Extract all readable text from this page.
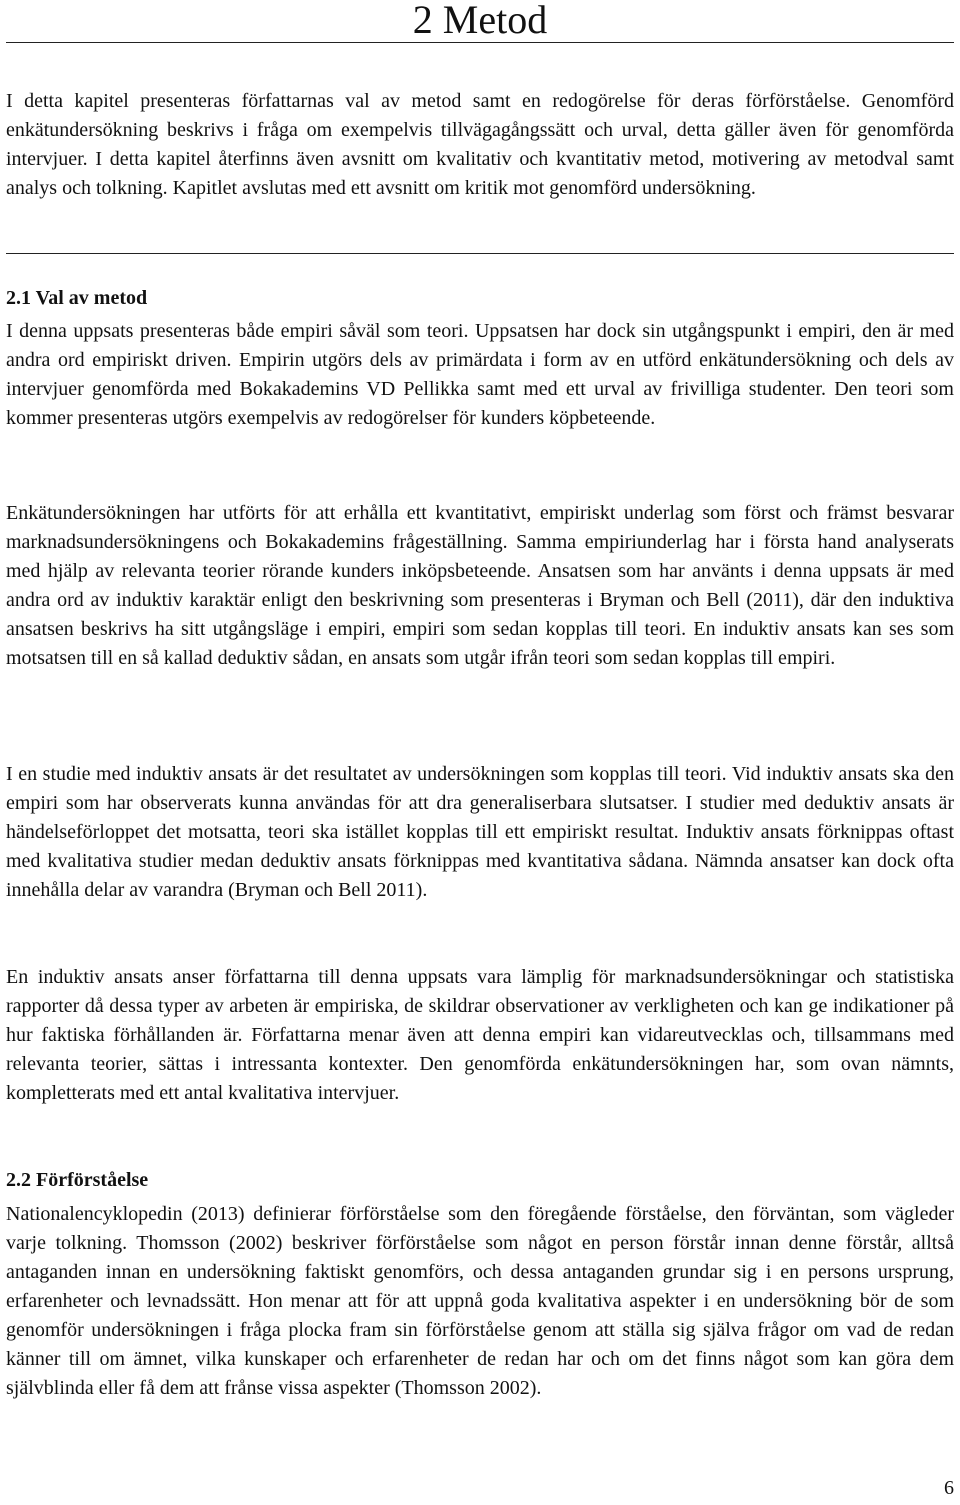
2 Metod

I detta kapitel presenteras författarnas val av metod samt en redogörelse för deras förförståelse. Genomförd enkätundersökning beskrivs i fråga om exempelvis tillvägagångssätt och urval, detta gäller även för genomförda intervjuer. I detta kapitel återfinns även avsnitt om kvalitativ och kvantitativ metod, motivering av metodval samt analys och tolkning. Kapitlet avslutas med ett avsnitt om kritik mot genomförd undersökning.

2.1 Val av metod

I denna uppsats presenteras både empiri såväl som teori. Uppsatsen har dock sin utgångspunkt i empiri, den är med andra ord empiriskt driven. Empirin utgörs dels av primärdata i form av en utförd enkätundersökning och dels av intervjuer genomförda med Bokakademins VD Pellikka samt med ett urval av frivilliga studenter. Den teori som kommer presenteras utgörs exempelvis av redogörelser för kunders köpbeteende.

Enkätundersökningen har utförts för att erhålla ett kvantitativt, empiriskt underlag som först och främst besvarar marknadsundersökningens och Bokakademins frågeställning. Samma empiriunderlag har i första hand analyserats med hjälp av relevanta teorier rörande kunders inköpsbeteende. Ansatsen som har använts i denna uppsats är med andra ord av induktiv karaktär enligt den beskrivning som presenteras i Bryman och Bell (2011), där den induktiva ansatsen beskrivs ha sitt utgångsläge i empiri, empiri som sedan kopplas till teori. En induktiv ansats kan ses som motsatsen till en så kallad deduktiv sådan, en ansats som utgår ifrån teori som sedan kopplas till empiri.

I en studie med induktiv ansats är det resultatet av undersökningen som kopplas till teori. Vid induktiv ansats ska den empiri som har observerats kunna användas för att dra generaliserbara slutsatser. I studier med deduktiv ansats är händelseförloppet det motsatta, teori ska istället kopplas till ett empiriskt resultat. Induktiv ansats förknippas oftast med kvalitativa studier medan deduktiv ansats förknippas med kvantitativa sådana. Nämnda ansatser kan dock ofta innehålla delar av varandra (Bryman och Bell 2011).

En induktiv ansats anser författarna till denna uppsats vara lämplig för marknadsundersökningar och statistiska rapporter då dessa typer av arbeten är empiriska, de skildrar observationer av verkligheten och kan ge indikationer på hur faktiska förhållanden är. Författarna menar även att denna empiri kan vidareutvecklas och, tillsammans med relevanta teorier, sättas i intressanta kontexter. Den genomförda enkätundersökningen har, som ovan nämnts, kompletterats med ett antal kvalitativa intervjuer.

2.2 Förförståelse

Nationalencyklopedin (2013) definierar förförståelse som den föregående förståelse, den förväntan, som vägleder varje tolkning. Thomsson (2002) beskriver förförståelse som något en person förstår innan denne förstår, alltså antaganden innan en undersökning faktiskt genomförs, och dessa antaganden grundar sig i en persons ursprung, erfarenheter och levnadssätt. Hon menar att för att uppnå goda kvalitativa aspekter i en undersökning bör de som genomför undersökningen i fråga plocka fram sin förförståelse genom att ställa sig själva frågor om vad de redan känner till om ämnet, vilka kunskaper och erfarenheter de redan har och om det finns något som kan göra dem självblinda eller få dem att frånse vissa aspekter (Thomsson 2002).

6
